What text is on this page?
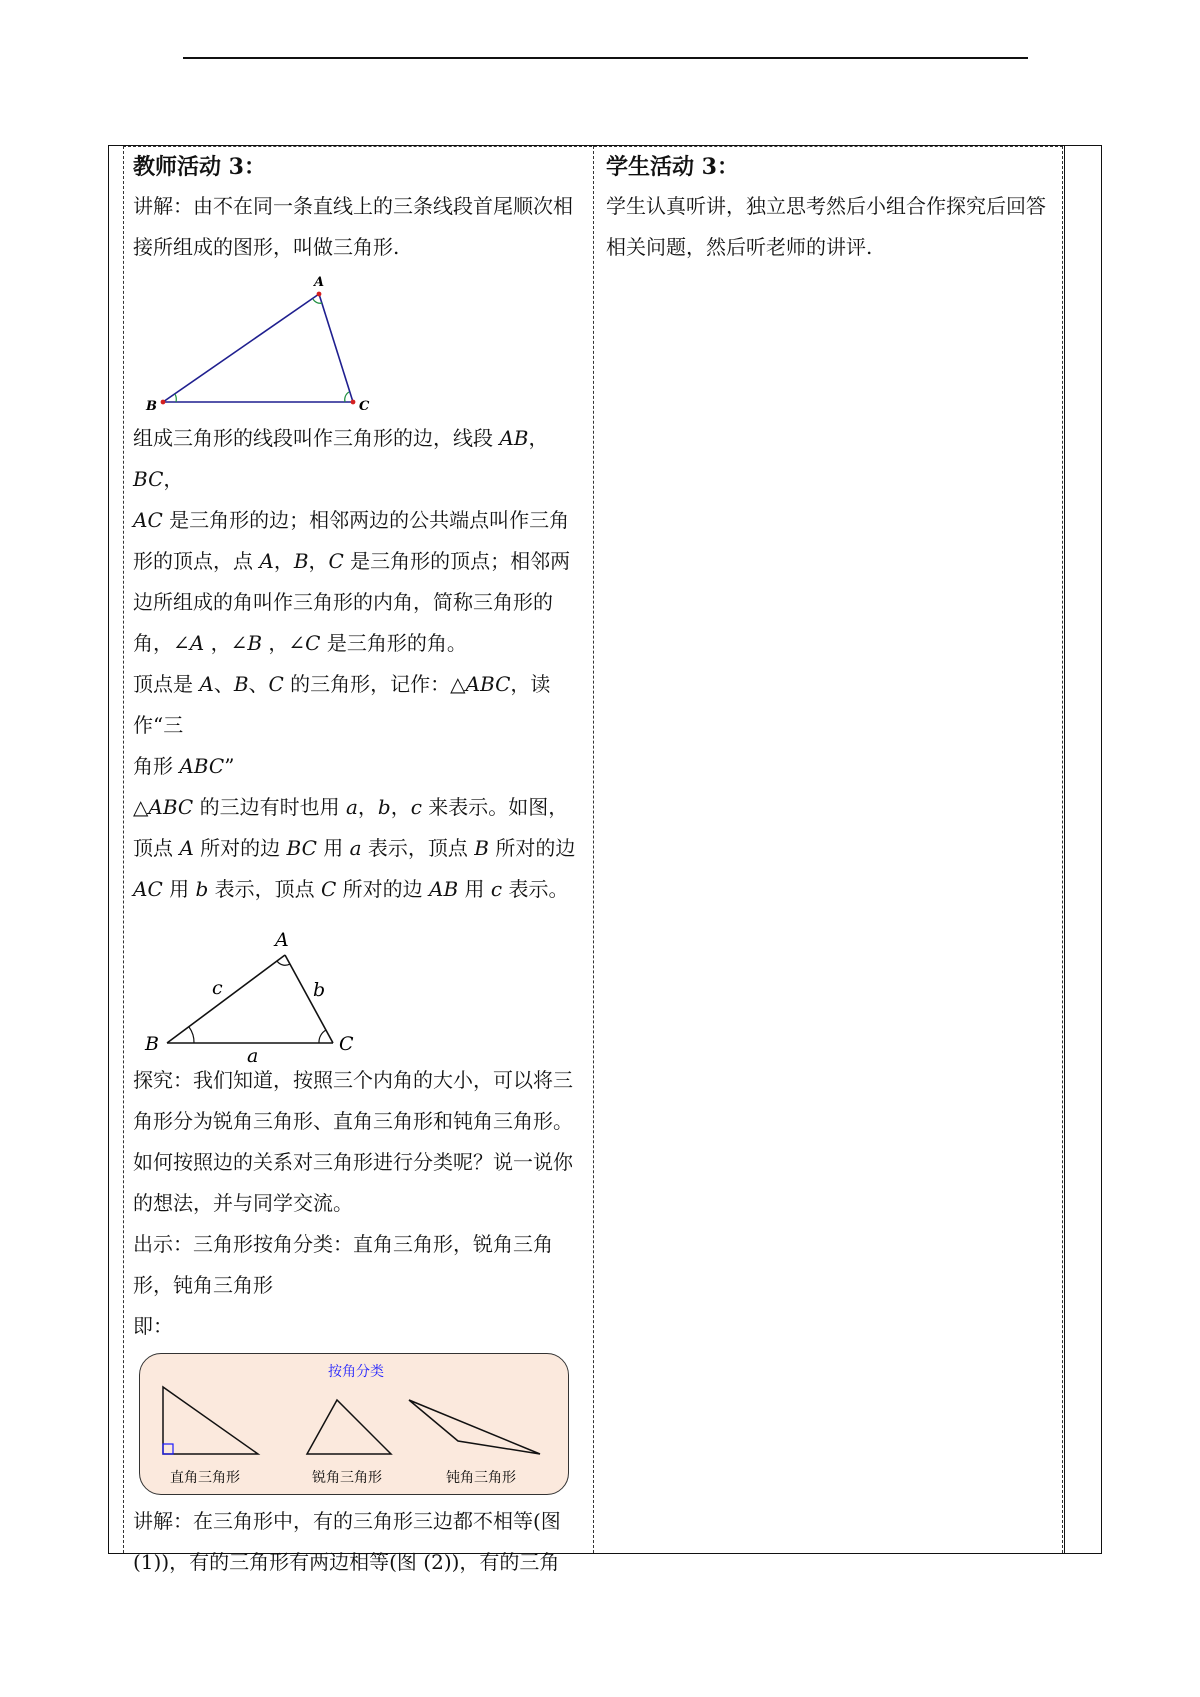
教师活动 3：

讲解：由不在同一条直线上的三条线段首尾顺次相接所组成的图形，叫做三角形.

A
B	C

组成三角形的线段叫作三角形的边，线段 AB，BC，
AC 是三角形的边；相邻两边的公共端点叫作三角
形的顶点，点 A，B，C 是三角形的顶点；相邻两
边所组成的角叫作三角形的内角，简称三角形的
角，∠A ，∠B ，∠C 是三角形的角。

顶点是 A、B、C 的三角形，记作：△ABC，读作“三
角形 ABC”

△ABC 的三边有时也用 a，b，c 来表示。如图，
顶点 A 所对的边 BC 用 a 表示，顶点 B 所对的边
AC 用 b 表示，顶点 C 所对的边 AB 用 c 表示。

A
B	C
c	b
a

探究：我们知道，按照三个内角的大小，可以将三角形分为锐角三角形、直角三角形和钝角三角形。如何按照边的关系对三角形进行分类呢？说一说你的想法，并与同学交流。

出示：三角形按角分类：直角三角形，锐角三角形，钝角三角形

即：

按角分类
直角三角形	锐角三角形	钝角三角形

讲解：在三角形中，有的三角形三边都不相等(图(1))，有的三角形有两边相等(图 (2))，有的三角

学生活动 3：

学生认真听讲，独立思考然后小组合作探究后回答相关问题，然后听老师的讲评.
